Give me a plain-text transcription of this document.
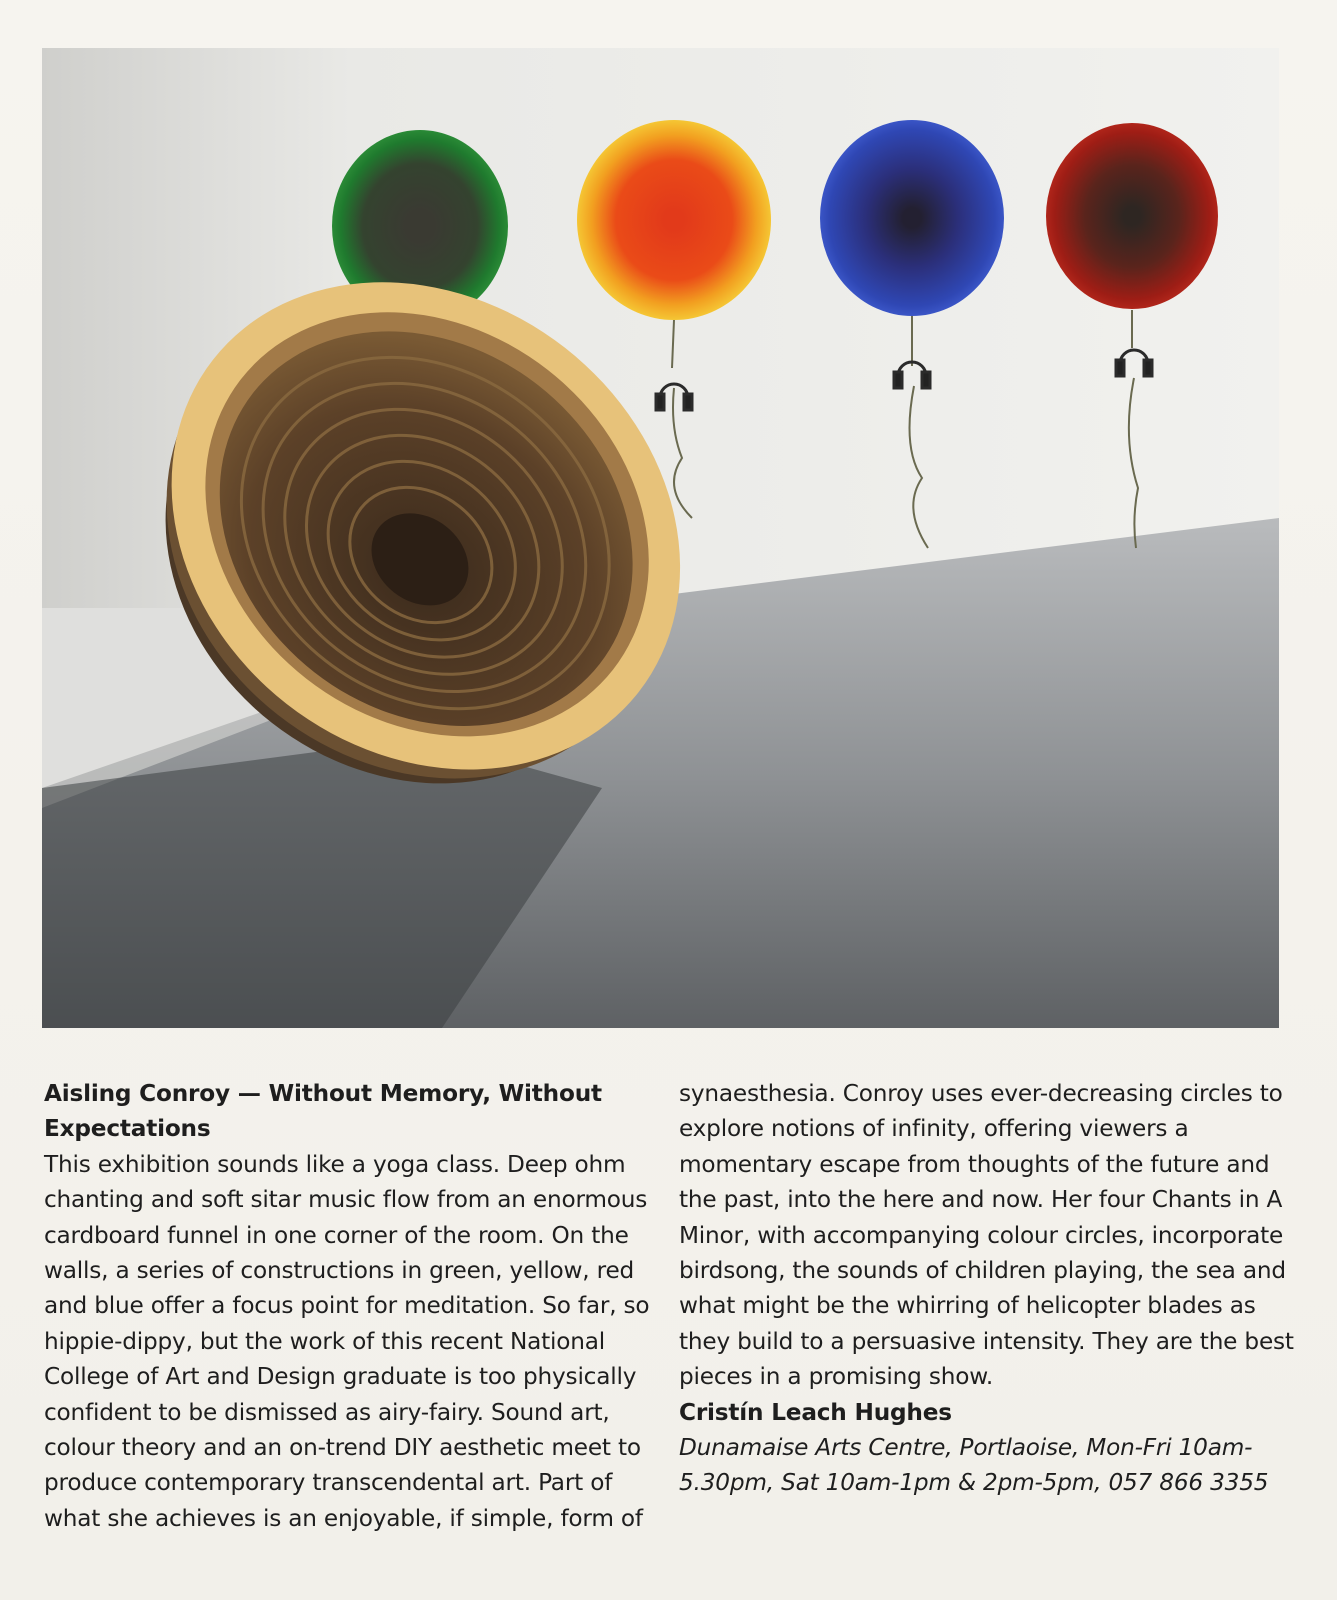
Aisling Conroy — Without Memory, Without Expectations

This exhibition sounds like a yoga class. Deep ohm chanting and soft sitar music flow from an enormous cardboard funnel in one corner of the room. On the walls, a series of constructions in green, yellow, red and blue offer a focus point for meditation. So far, so hippie-dippy, but the work of this recent National College of Art and Design graduate is too physically confident to be dismissed as airy-fairy. Sound art, colour theory and an on-trend DIY aesthetic meet to produce contemporary transcendental art. Part of what she achieves is an enjoyable, if simple, form of

synaesthesia. Conroy uses ever-decreasing circles to explore notions of infinity, offering viewers a momentary escape from thoughts of the future and the past, into the here and now. Her four Chants in A Minor, with accompanying colour circles, incorporate birdsong, the sounds of children playing, the sea and what might be the whirring of helicopter blades as they build to a persuasive intensity. They are the best pieces in a promising show.

Cristín Leach Hughes

Dunamaise Arts Centre, Portlaoise, Mon-Fri 10am-5.30pm, Sat 10am-1pm & 2pm-5pm, 057 866 3355
